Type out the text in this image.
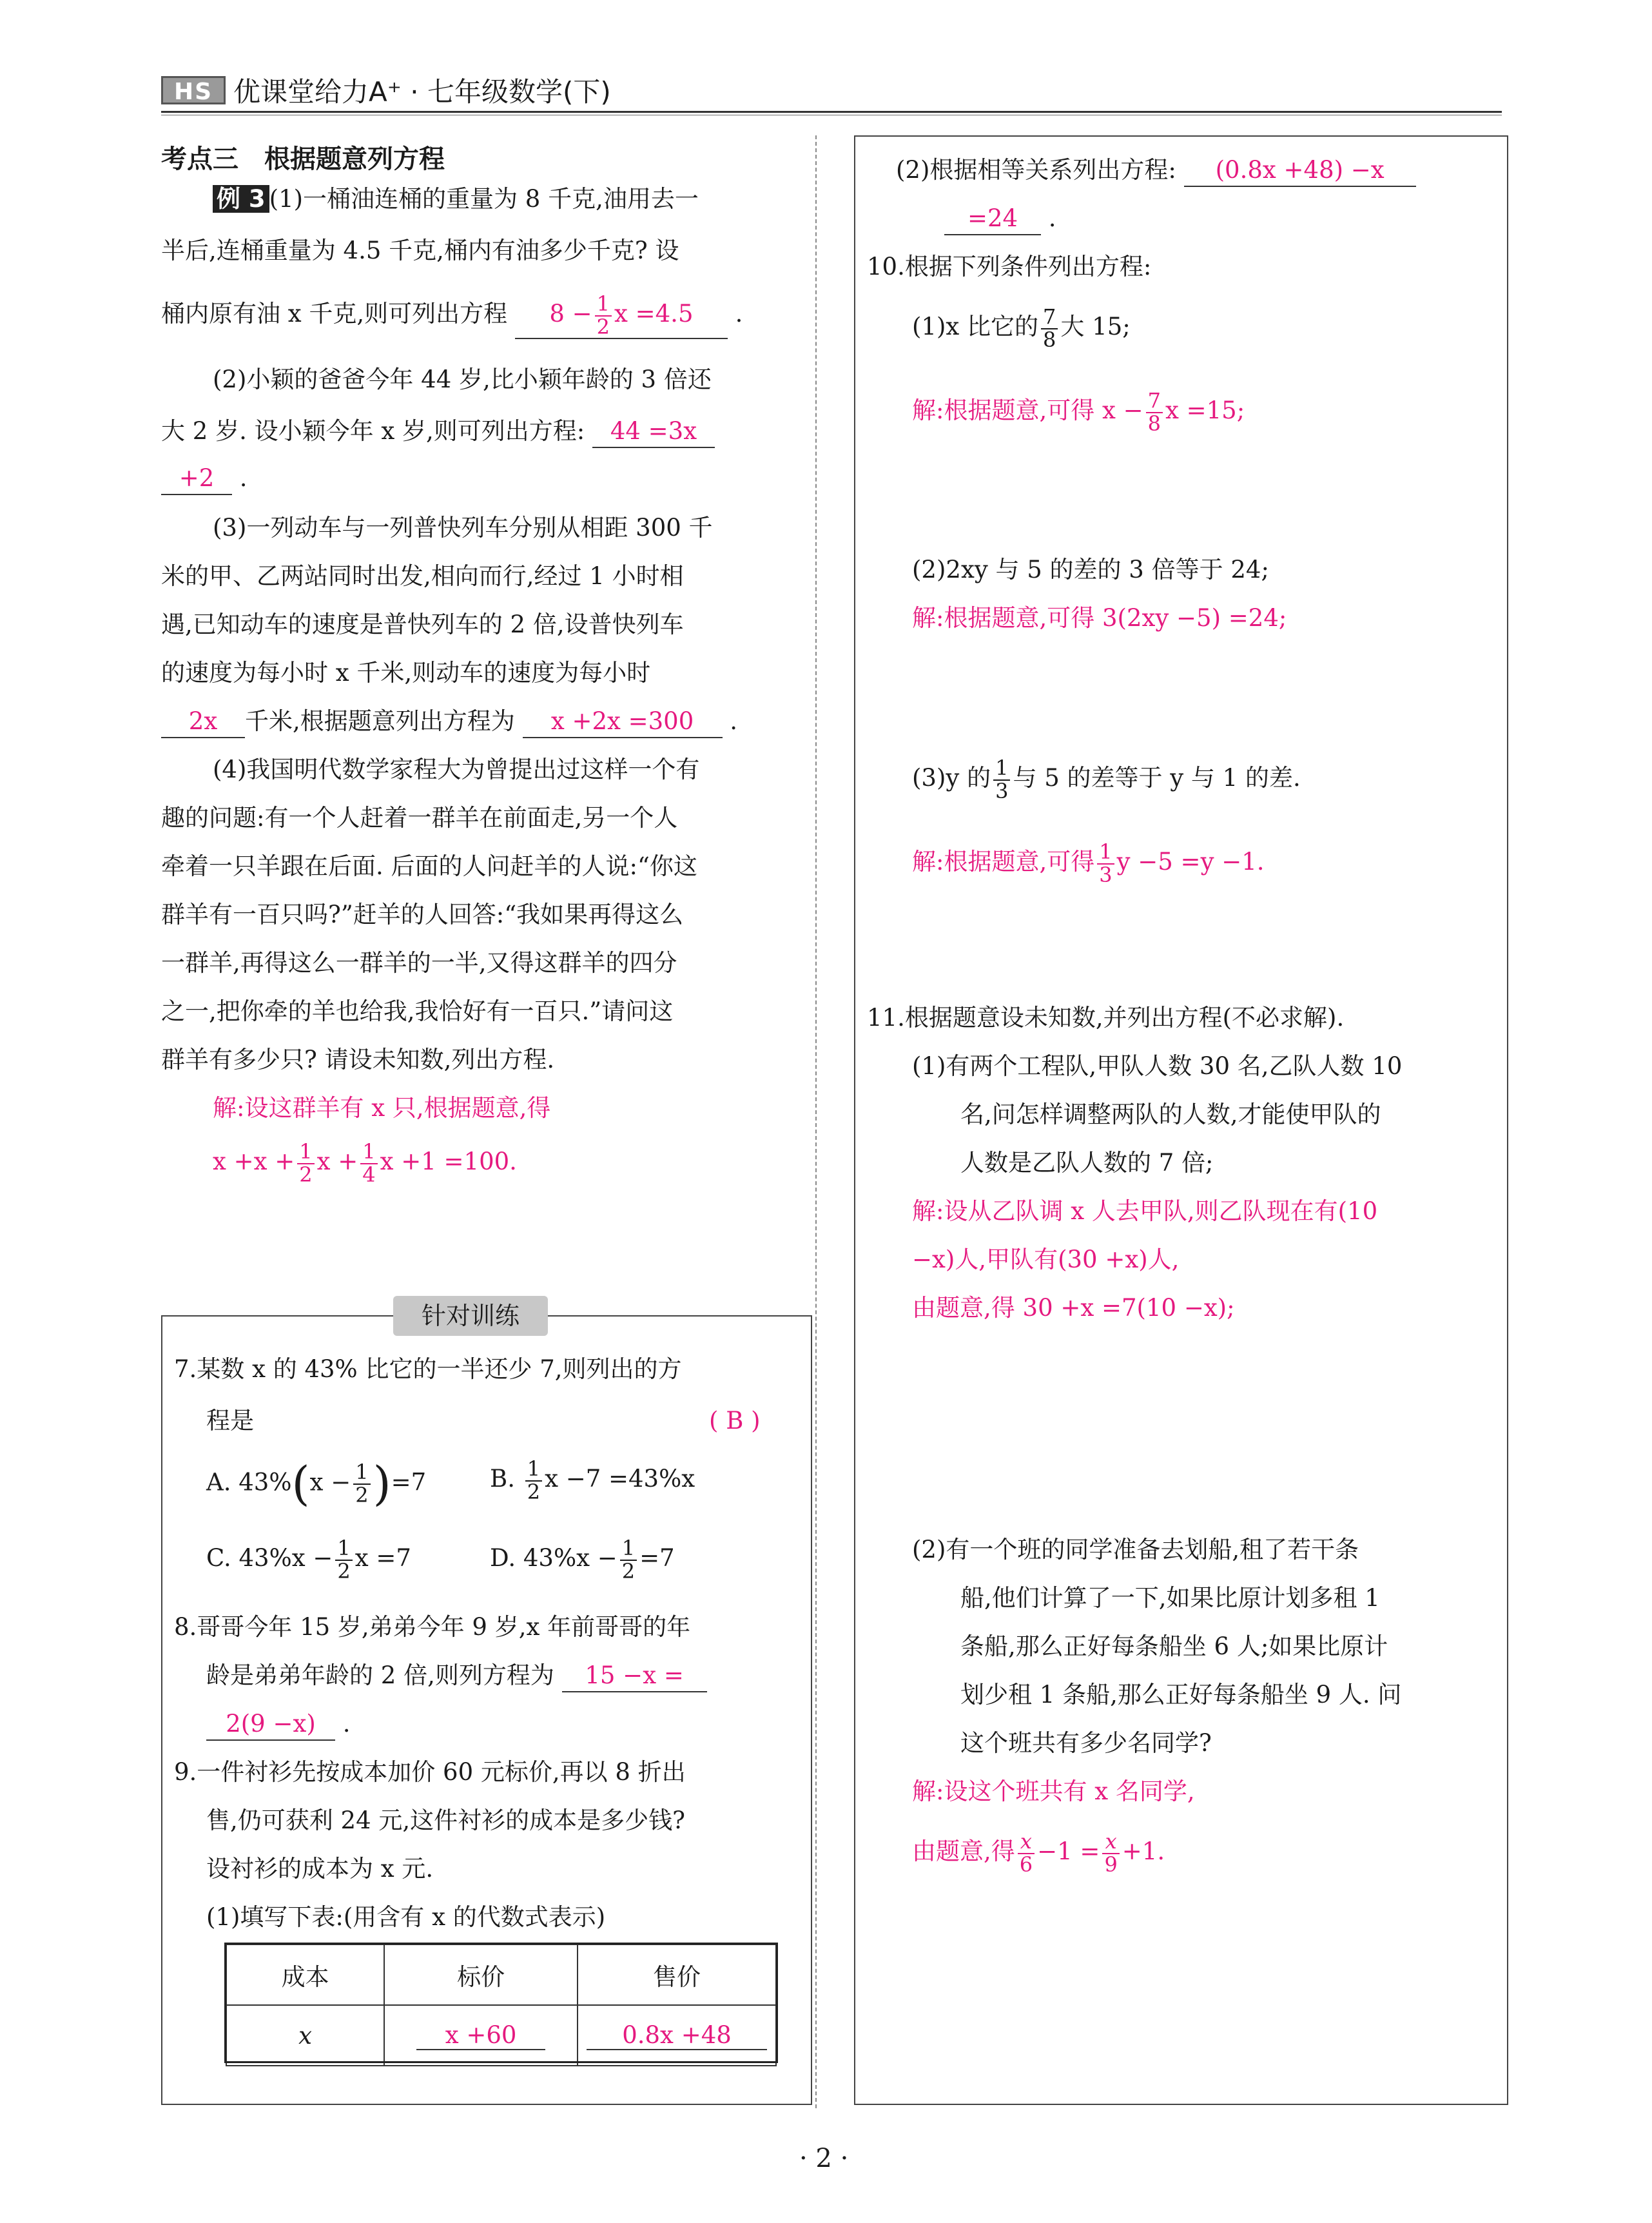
HS 优课堂给力A⁺ · 七年级数学(下)
考点三　根据题意列方程
例 3 (1)一桶油连桶的重量为 8 千克,油用去一
半后,连桶重量为 4.5 千克,桶内有油多少千克? 设
桶内原有油 x 千克,则可列出方程 $8 - \frac{1}{2}$ x =4.5 .
(2)小颖的爸爸今年 44 岁,比小颖年龄的 3 倍还
大 2 岁. 设小颖今年 x 岁,则可列出方程: 44 =3x
+2 .
(3)一列动车与一列普快列车分别从相距 300 千
米的甲、乙两站同时出发,相向而行,经过 1 小时相
遇,已知动车的速度是普快列车的 2 倍,设普快列车
的速度为每小时 x 千米,则动车的速度为每小时
2x 千米,根据题意列出方程为 x +2x =300 .
(4)我国明代数学家程大为曾提出过这样一个有
趣的问题:有一个人赶着一群羊在前面走,另一个人
牵着一只羊跟在后面. 后面的人问赶羊的人说:“你这
群羊有一百只吗?”赶羊的人回答:“我如果再得这么
一群羊,再得这么一群羊的一半,又得这群羊的四分
之一,把你牵的羊也给我,我恰好有一百只.”请问这
群羊有多少只? 请设未知数,列出方程.
解:设这群羊有 x 只,根据题意,得
$x +x + \frac{1}{2}$ $x + \frac{1}{4}$ x +1 =100.
针对训练
7.某数 x 的 43% 比它的一半还少 7,则列出的方
程是	( B )
A. $43\%(x - \frac{1}{2} )=7$	B. $\frac{1}{2}$ x −7 =43%x
C. $43\%x - \frac{1}{2}$ x =7	D. $43\%x - \frac{1}{2} =7$
8.哥哥今年 15 岁,弟弟今年 9 岁,x 年前哥哥的年
龄是弟弟年龄的 2 倍,则列方程为 15 −x =
2(9 −x) .
9.一件衬衫先按成本加价 60 元标价,再以 8 折出
售,仍可获利 24 元,这件衬衫的成本是多少钱?
设衬衫的成本为 x 元.
(1)填写下表:(用含有 x 的代数式表示)
成本	标价	售价
x	x +60	0.8x +48
(2)根据相等关系列出方程: (0.8x +48) −x
=24 .
10.根据下列条件列出方程:
(1)x 比它的 $\frac{7}{8}$ 大 15;
解:根据题意,可得 $x - \frac{7}{8}$ x =15;
(2)2xy 与 5 的差的 3 倍等于 24;
解:根据题意,可得 3(2xy −5) =24;
(3)y 的 $\frac{1}{3}$ 与 5 的差等于 y 与 1 的差.
解:根据题意,可得 $\frac{1}{3}$ y −5 =y −1.
11.根据题意设未知数,并列出方程(不必求解).
(1)有两个工程队,甲队人数 30 名,乙队人数 10
名,问怎样调整两队的人数,才能使甲队的
人数是乙队人数的 7 倍;
解:设从乙队调 x 人去甲队,则乙队现在有(10
−x)人,甲队有(30 +x)人,
由题意,得 30 +x =7(10 −x);
(2)有一个班的同学准备去划船,租了若干条
船,他们计算了一下,如果比原计划多租 1
条船,那么正好每条船坐 6 人;如果比原计
划少租 1 条船,那么正好每条船坐 9 人. 问
这个班共有多少名同学?
解:设这个班共有 x 名同学,
由题意,得 $\frac{x}{6} -1 = \frac{x}{9} +1$.
· 2 ·
